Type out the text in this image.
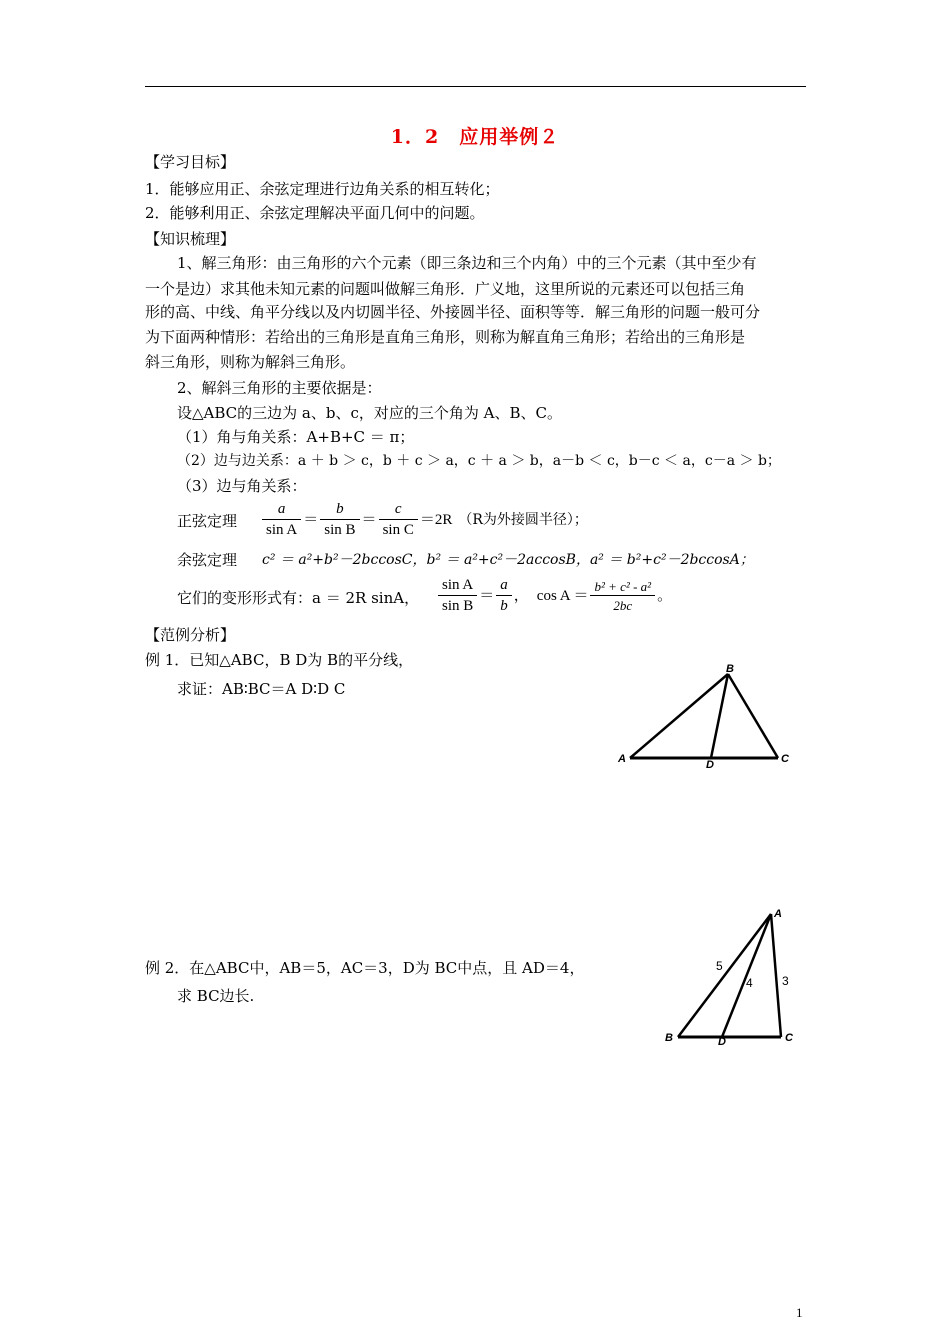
1．2　应用举例２
【学习目标】
1．能够应用正、余弦定理进行边角关系的相互转化；
2．能够利用正、余弦定理解决平面几何中的问题。
【知识梳理】
1、解三角形：由三角形的六个元素（即三条边和三个内角）中的三个元素（其中至少有
一个是边）求其他未知元素的问题叫做解三角形．广义地，这里所说的元素还可以包括三角
形的高、中线、角平分线以及内切圆半径、外接圆半径、面积等等．解三角形的问题一般可分
为下面两种情形：若给出的三角形是直角三角形，则称为解直角三角形；若给出的三角形是
斜三角形，则称为解斜三角形。
2、解斜三角形的主要依据是：
设△ABC的三边为 a、b、c，对应的三个角为 A、B、C。
（1）角与角关系：A+B+C ＝ π；
（2）边与边关系：a ＋ b ＞ c，b ＋ c ＞ a，c ＋ a ＞ b，a－b ＜ c，b－c ＜ a，c－a ＞ b；
（3）边与角关系：
正弦定理 $\frac{a}{\text{sin A}} = \frac{b}{\text{sin B}} = \frac{c}{\text{sin C}} =2R$ （R为外接圆半径）；
余弦定理 c² ＝ a²+b²－2bccosC，b² ＝ a²+c²－2accosB，a² ＝ b²+c²－2bccosA；
它们的变形形式有：a ＝ 2R sinA， $\frac{\text{sin A}}{\text{sin B}} = \frac{a}{b}$ ， $\cos A = \frac{\text{b² + c² - a²}}{2bc}$ 。
【范例分析】
例 1．已知△ABC，B D为 B的平分线，
求证：AB∶BC＝A D∶D C
B
A	D	C
例 2．在△ABC中，AB＝5，AC＝3，D为 BC中点，且 AD＝4，
求 BC边长.
A
B	D	C
5
4 3
1
